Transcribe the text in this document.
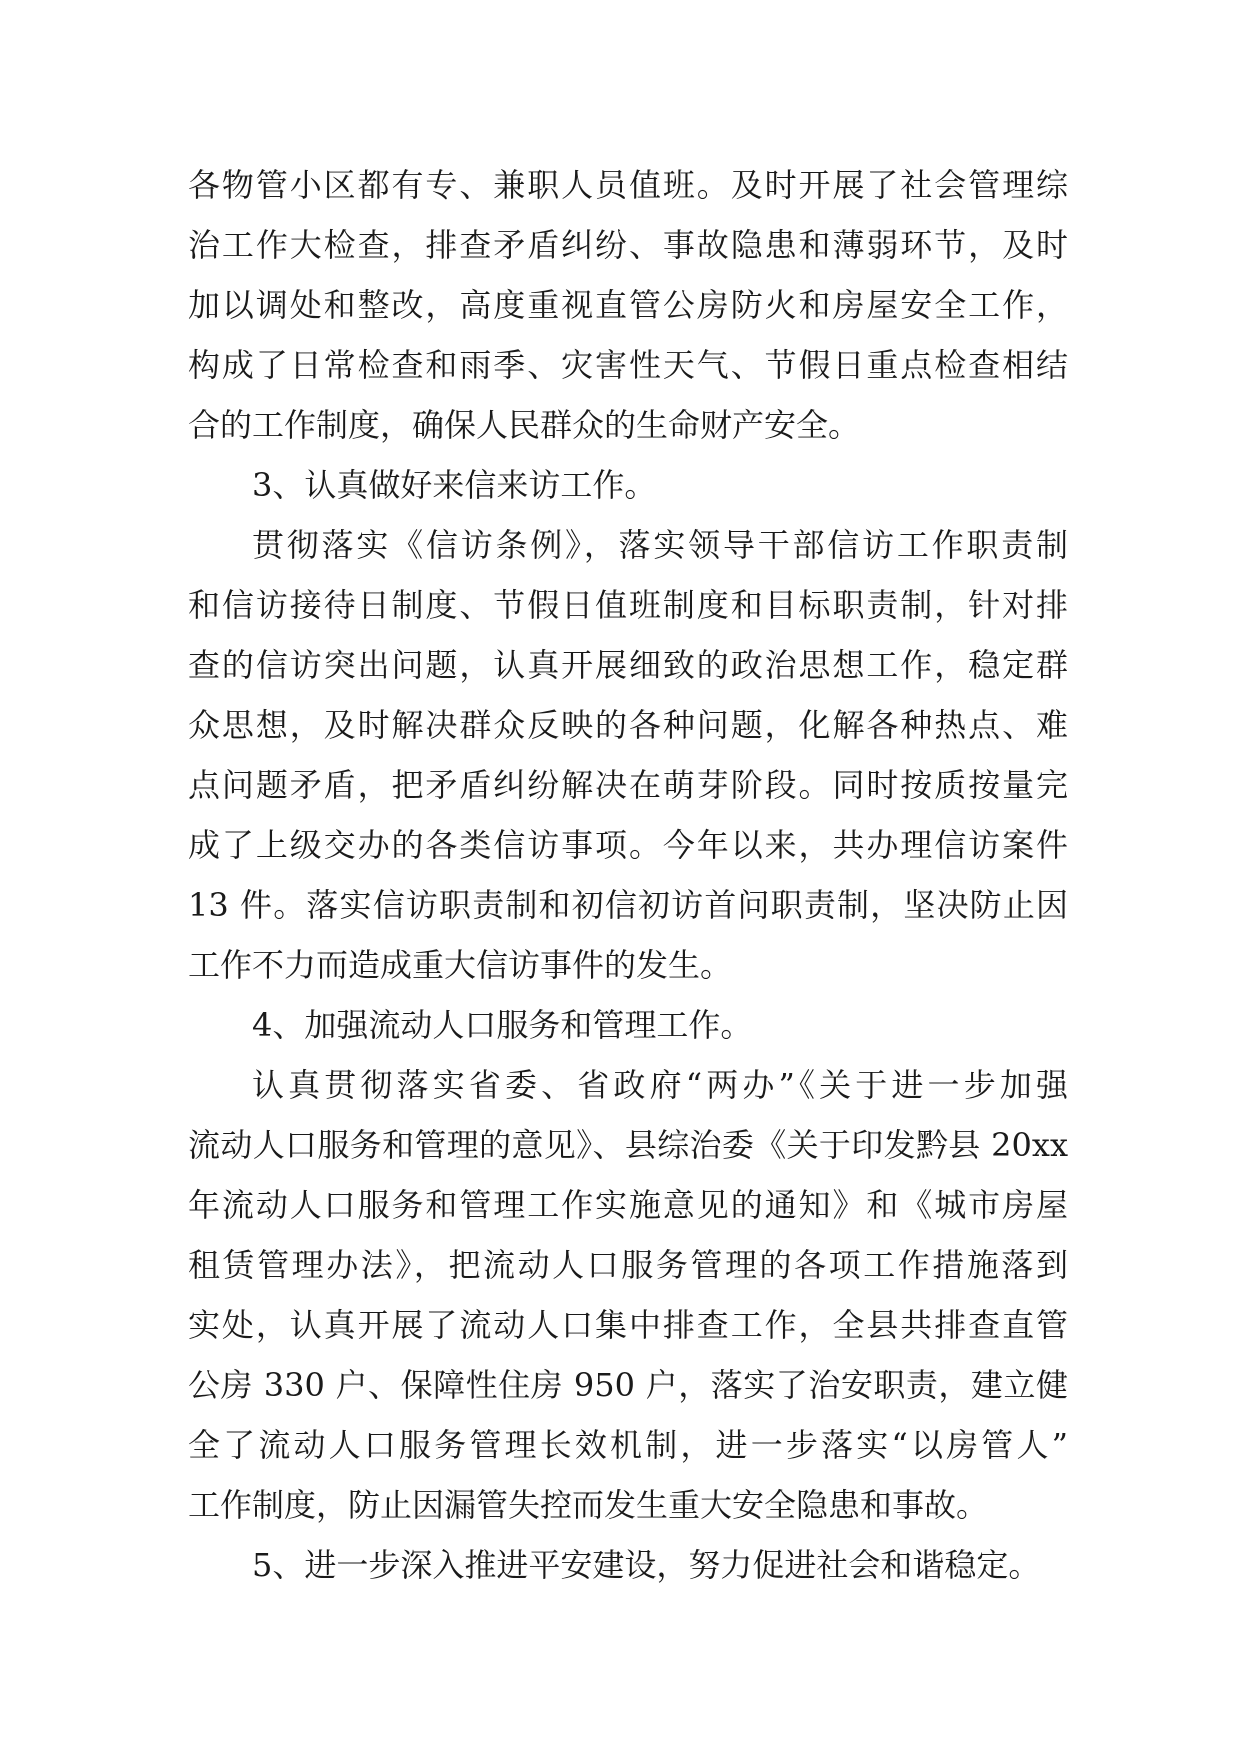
各物管小区都有专、兼职人员值班。及时开展了社会管理综
治工作大检查，排查矛盾纠纷、事故隐患和薄弱环节，及时
加以调处和整改，高度重视直管公房防火和房屋安全工作，
构成了日常检查和雨季、灾害性天气、节假日重点检查相结
合的工作制度，确保人民群众的生命财产安全。
3、认真做好来信来访工作。
贯彻落实《信访条例》，落实领导干部信访工作职责制
和信访接待日制度、节假日值班制度和目标职责制，针对排
查的信访突出问题，认真开展细致的政治思想工作，稳定群
众思想，及时解决群众反映的各种问题，化解各种热点、难
点问题矛盾，把矛盾纠纷解决在萌芽阶段。同时按质按量完
成了上级交办的各类信访事项。今年以来，共办理信访案件
13 件。落实信访职责制和初信初访首问职责制，坚决防止因
工作不力而造成重大信访事件的发生。
4、加强流动人口服务和管理工作。
认真贯彻落实省委、省政府“两办”《关于进一步加强
流动人口服务和管理的意见》、县综治委《关于印发黔县 20xx
年流动人口服务和管理工作实施意见的通知》和《城市房屋
租赁管理办法》，把流动人口服务管理的各项工作措施落到
实处，认真开展了流动人口集中排查工作，全县共排查直管
公房 330 户、保障性住房 950 户，落实了治安职责，建立健
全了流动人口服务管理长效机制，进一步落实“以房管人”
工作制度，防止因漏管失控而发生重大安全隐患和事故。
5、进一步深入推进平安建设，努力促进社会和谐稳定。
